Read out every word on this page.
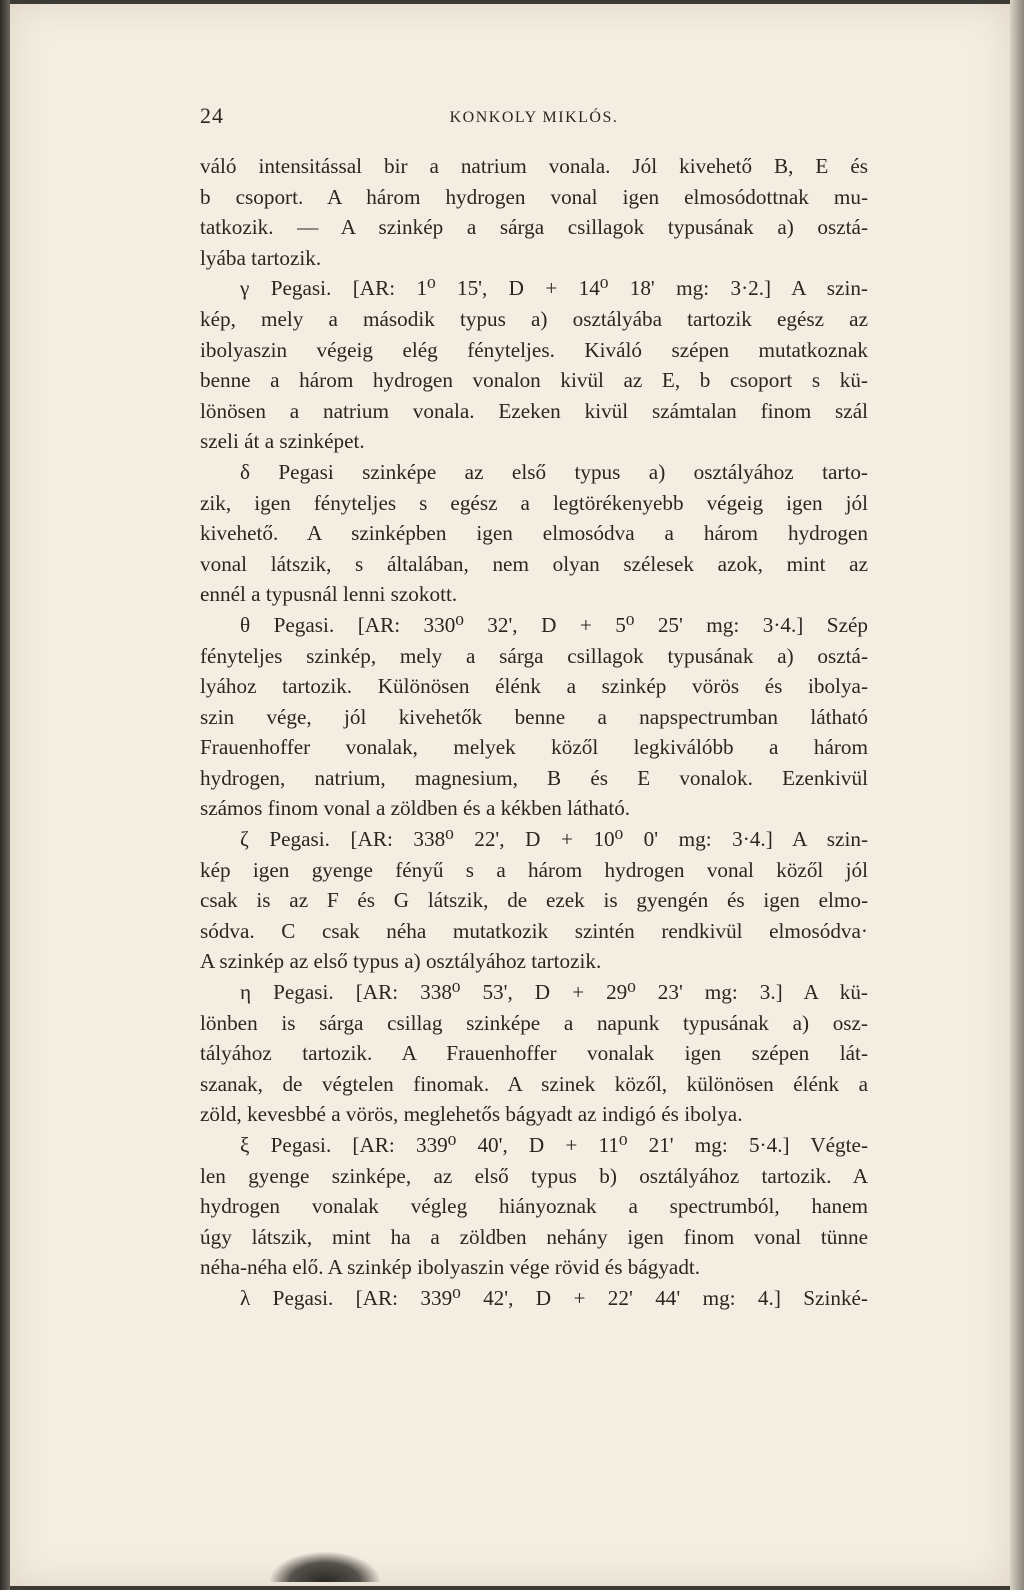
24	KONKOLY MIKLÓS.
váló intensitással bir a natrium vonala. Jól kivehető B, E és
b csoport. A három hydrogen vonal igen elmosódottnak mu-
tatkozik. — A szinkép a sárga csillagok typusának a) osztá-
lyába tartozik.
γ Pegasi. [AR: 1⁰ 15', D + 14⁰ 18' mg: 3·2.] A szin-
kép, mely a második typus a) osztályába tartozik egész az
ibolyaszin végeig elég fényteljes. Kiváló szépen mutatkoznak
benne a három hydrogen vonalon kivül az E, b csoport s kü-
lönösen a natrium vonala. Ezeken kivül számtalan finom szál
szeli át a szinképet.
δ Pegasi szinképe az első typus a) osztályához tarto-
zik, igen fényteljes s egész a legtörékenyebb végeig igen jól
kivehető. A szinképben igen elmosódva a három hydrogen
vonal látszik, s általában, nem olyan szélesek azok, mint az
ennél a typusnál lenni szokott.
θ Pegasi. [AR: 330⁰ 32', D + 5⁰ 25' mg: 3·4.] Szép
fényteljes szinkép, mely a sárga csillagok typusának a) osztá-
lyához tartozik. Különösen élénk a szinkép vörös és ibolya-
szin vége, jól kivehetők benne a napspectrumban látható
Frauenhoffer vonalak, melyek közől legkiválóbb a három
hydrogen, natrium, magnesium, B és E vonalok. Ezenkivül
számos finom vonal a zöldben és a kékben látható.
ζ Pegasi. [AR: 338⁰ 22', D + 10⁰ 0' mg: 3·4.] A szin-
kép igen gyenge fényű s a három hydrogen vonal közől jól
csak is az F és G látszik, de ezek is gyengén és igen elmo-
sódva. C csak néha mutatkozik szintén rendkivül elmosódva·
A szinkép az első typus a) osztályához tartozik.
η Pegasi. [AR: 338⁰ 53', D + 29⁰ 23' mg: 3.] A kü-
lönben is sárga csillag szinképe a napunk typusának a) osz-
tályához tartozik. A Frauenhoffer vonalak igen szépen lát-
szanak, de végtelen finomak. A szinek közől, különösen élénk a
zöld, kevesbbé a vörös, meglehetős bágyadt az indigó és ibolya.
ξ Pegasi. [AR: 339⁰ 40', D + 11⁰ 21' mg: 5·4.] Végte-
len gyenge szinképe, az első typus b) osztályához tartozik. A
hydrogen vonalak végleg hiányoznak a spectrumból, hanem
úgy látszik, mint ha a zöldben nehány igen finom vonal tünne
néha-néha elő. A szinkép ibolyaszin vége rövid és bágyadt.
λ Pegasi. [AR: 339⁰ 42', D + 22' 44' mg: 4.] Szinké-
